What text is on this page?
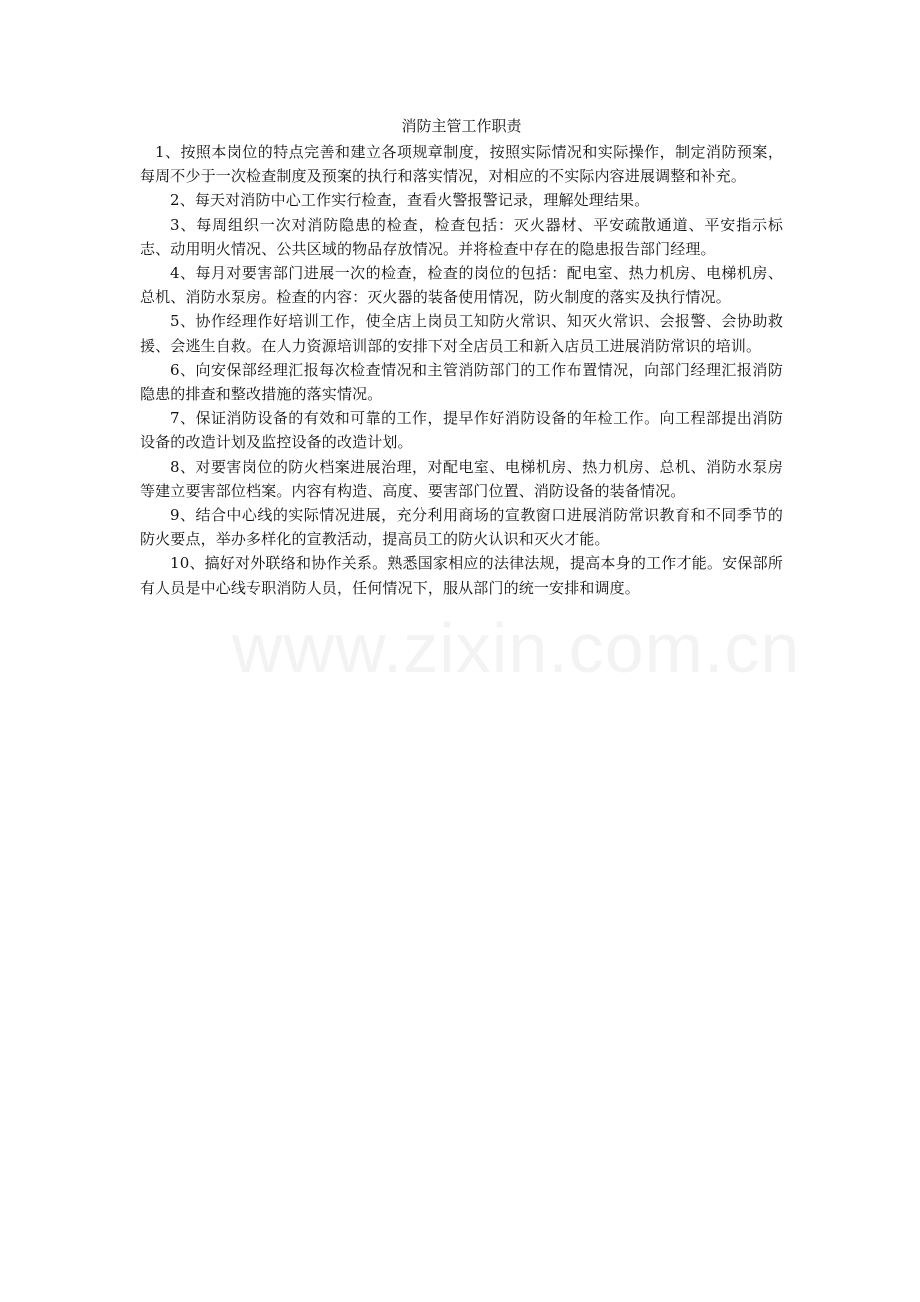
消防主管工作职责

1、按照本岗位的特点完善和建立各项规章制度，按照实际情况和实际操作，制定消防预案，每周不少于一次检查制度及预案的执行和落实情况，对相应的不实际内容进展调整和补充。

2、每天对消防中心工作实行检查，查看火警报警记录，理解处理结果。

3、每周组织一次对消防隐患的检查，检查包括：灭火器材、平安疏散通道、平安指示标志、动用明火情况、公共区域的物品存放情况。并将检查中存在的隐患报告部门经理。

4、每月对要害部门进展一次的检查，检查的岗位的包括：配电室、热力机房、电梯机房、总机、消防水泵房。检查的内容：灭火器的装备使用情况，防火制度的落实及执行情况。

5、协作经理作好培训工作，使全店上岗员工知防火常识、知灭火常识、会报警、会协助救援、会逃生自救。在人力资源培训部的安排下对全店员工和新入店员工进展消防常识的培训。

6、向安保部经理汇报每次检查情况和主管消防部门的工作布置情况，向部门经理汇报消防隐患的排查和整改措施的落实情况。

7、保证消防设备的有效和可靠的工作，提早作好消防设备的年检工作。向工程部提出消防设备的改造计划及监控设备的改造计划。

8、对要害岗位的防火档案进展治理，对配电室、电梯机房、热力机房、总机、消防水泵房等建立要害部位档案。内容有构造、高度、要害部门位置、消防设备的装备情况。

9、结合中心线的实际情况进展，充分利用商场的宣教窗口进展消防常识教育和不同季节的防火要点，举办多样化的宣教活动，提高员工的防火认识和灭火才能。

10、搞好对外联络和协作关系。熟悉国家相应的法律法规，提高本身的工作才能。安保部所有人员是中心线专职消防人员，任何情况下，服从部门的统一安排和调度。
